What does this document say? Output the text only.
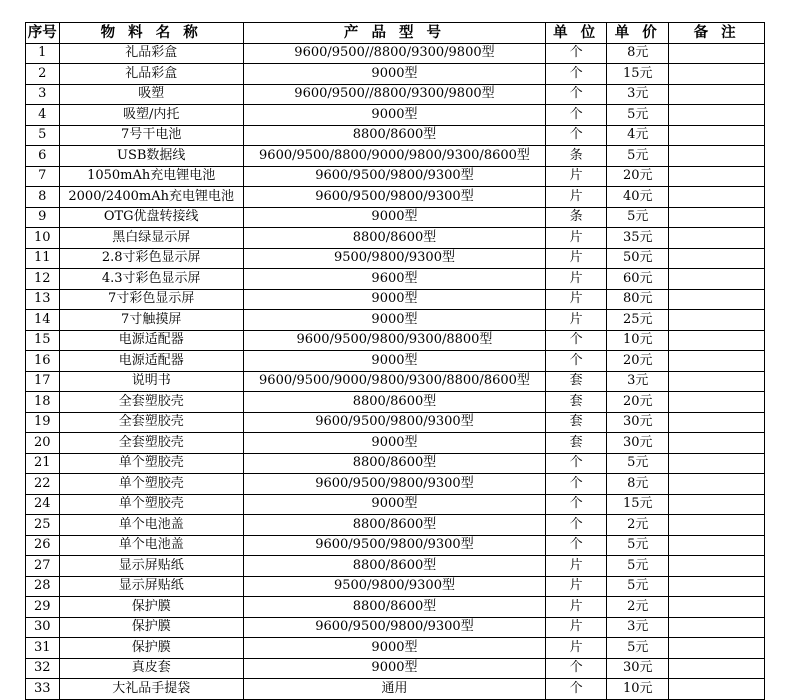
序号	物 料 名 称	产 品 型 号	单 位	单 价	备 注
1	礼品彩盒	9600/9500//8800/9300/9800型	个	8元	
2	礼品彩盒	9000型	个	15元	
3	吸塑	9600/9500//8800/9300/9800型	个	3元	
4	吸塑/内托	9000型	个	5元	
5	7号干电池	8800/8600型	个	4元	
6	USB数据线	9600/9500/8800/9000/9800/9300/8600型	条	5元	
7	1050mAh充电锂电池	9600/9500/9800/9300型	片	20元	
8	2000/2400mAh充电锂电池	9600/9500/9800/9300型	片	40元	
9	OTG优盘转接线	9000型	条	5元	
10	黑白绿显示屏	8800/8600型	片	35元	
11	2.8寸彩色显示屏	9500/9800/9300型	片	50元	
12	4.3寸彩色显示屏	9600型	片	60元	
13	7寸彩色显示屏	9000型	片	80元	
14	7寸触摸屏	9000型	片	25元	
15	电源适配器	9600/9500/9800/9300/8800型	个	10元	
16	电源适配器	9000型	个	20元	
17	说明书	9600/9500/9000/9800/9300/8800/8600型	套	3元	
18	全套塑胶壳	8800/8600型	套	20元	
19	全套塑胶壳	9600/9500/9800/9300型	套	30元	
20	全套塑胶壳	9000型	套	30元	
21	单个塑胶壳	8800/8600型	个	5元	
22	单个塑胶壳	9600/9500/9800/9300型	个	8元	
24	单个塑胶壳	9000型	个	15元	
25	单个电池盖	8800/8600型	个	2元	
26	单个电池盖	9600/9500/9800/9300型	个	5元	
27	显示屏贴纸	8800/8600型	片	5元	
28	显示屏贴纸	9500/9800/9300型	片	5元	
29	保护膜	8800/8600型	片	2元	
30	保护膜	9600/9500/9800/9300型	片	3元	
31	保护膜	9000型	片	5元	
32	真皮套	9000型	个	30元	
33	大礼品手提袋	通用	个	10元	
